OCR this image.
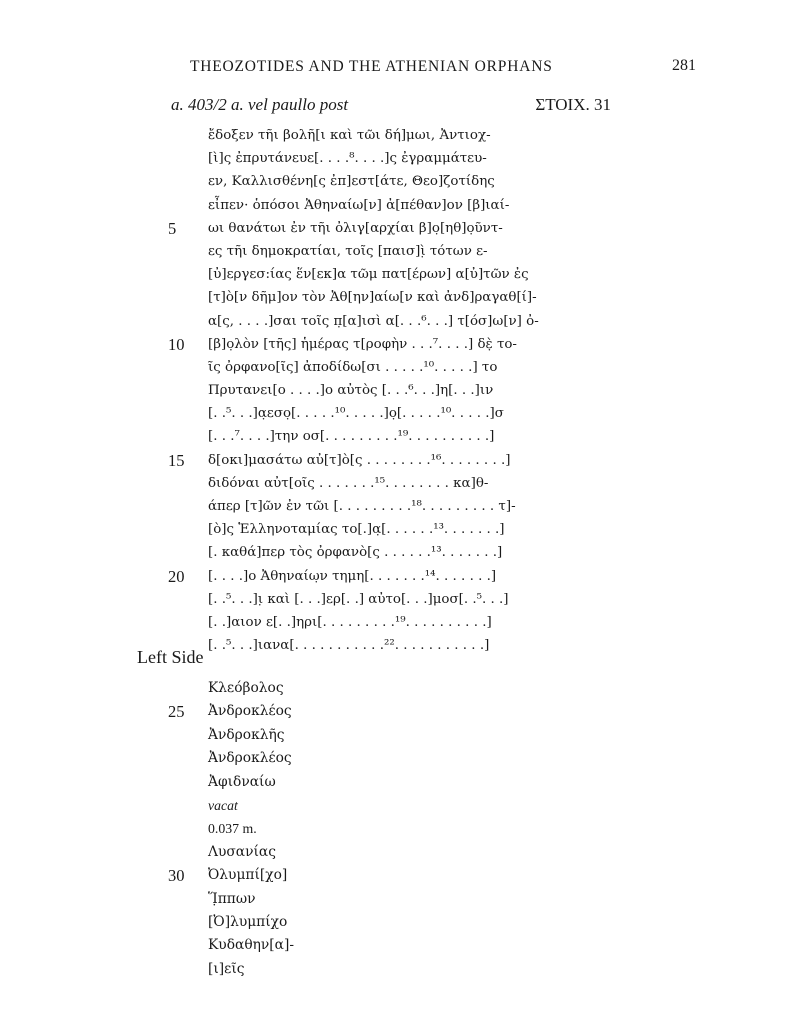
THEOZOTIDES AND THE ATHENIAN ORPHANS	281
a. 403/2 a. vel paullo post	ΣΤΟΙΧ. 31
ἔδοξεν τῆι βολῆ[ι καὶ τῶι δή]μωι, Ἀντιοχ-
[ὶ]ς ἐπρυτάνευε[. . . .⁸. . . .]ς ἐγραμμάτευ-
εν, Καλλισθένη[ς ἐπ]εστ[άτε, Θεο]ζοτίδης
εἶπεν· ὁπόσοι Ἀθηναίω[ν] ἀ[πέθαν]ον [β]ιαί-
5	ωι θανάτωι ἐν τῆι ὀλιγ[αρχίαι β]ο̣[ηθ]ο̣ῦντ-
ες τῆι δημοκρατίαι, τοῖς [παισ]ὶ̣ τότων ε-
[ὐ]εργεσ:ίας ἕν[εκ]α τῶμ πατ[έρων] α[ὐ]τῶν ἐς
[τ]ὸ[ν δῆμ]ον τὸν Ἀθ[ην]αίω[ν καὶ ἀνδ]ραγαθ[ί]-
α[ς, . . . .]σαι τοῖς π̣[α]ισὶ α[. . .⁶. . .] τ[όσ]ω[ν] ὀ-
10	[β]ο̣λὸν [τῆς] ἡμέρας τ[ροφὴν . . .⁷. . . .] δὲ̣ το-
ῖς ὀρφανο[ῖς] ἀποδίδω[σι . . . . .¹⁰. . . . .] το
Πρυτανει[ο . . . .]ο αὐτὸς [. . .⁶. . .]η[. . .]ιν
[. .⁵. . .]α̣εσο̣[. . . . .¹⁰. . . . .]ο̣[. . . . .¹⁰. . . . .]σ
[. . .⁷. . . .]την οσ[. . . . . . . . .¹⁹. . . . . . . . . .]
15	δ[οκι]μασάτω αὐ[τ]ὸ[ς . . . . . . . .¹⁶. . . . . . . .]
διδόναι αὐτ[οῖς . . . . . . .¹⁵. . . . . . . . κα]θ-
άπερ [τ]ῶν ἐν τῶι [. . . . . . . . .¹⁸. . . . . . . . . τ]-
[ὸ]ς Ἑλληνοταμίας το[.]α̣[. . . . . .¹³. . . . . . .]
[. καθά]περ τὸς ὀρφανὸ[ς . . . . . .¹³. . . . . . .]
20	[. . . .]ο Ἀθηναίω̣ν τημη[. . . . . . .¹⁴. . . . . . .]
[. .⁵. . .]ι̣ καὶ [. . .]ερ[. .] αὐτο[. . .]μοσ[. .⁵. . .]
[. .]αιον ε[. .]ηρι[. . . . . . . . .¹⁹. . . . . . . . . .]
[. .⁵. . .]ιανα[. . . . . . . . . . .²². . . . . . . . . . .]
Left Side
Κλεόβολος
25	Ἀνδροκλέος
Ἀνδροκλῆς
Ἀνδροκλέος
Ἀφιδναίω
vacat
0.037 m.
Λυσανίας
30	Ὀλυμπί[χο]
Ἵ̣ππων
[Ὀ]λυμπίχο
Κυδαθην[α]-
[ι]εῖς
